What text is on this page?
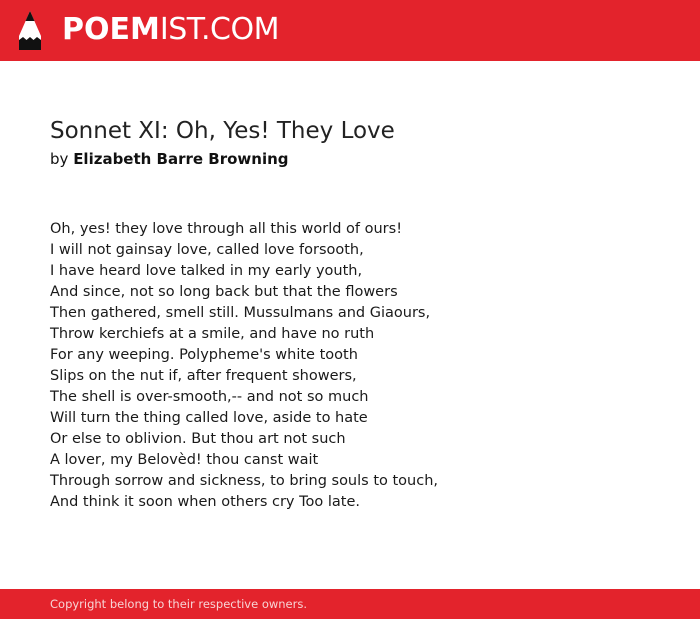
POEMIST.COM
Sonnet XI: Oh, Yes! They Love
by Elizabeth Barre Browning
Oh, yes! they love through all this world of ours!
I will not gainsay love, called love forsooth,
I have heard love talked in my early youth,
And since, not so long back but that the flowers
Then gathered, smell still. Mussulmans and Giaours,
Throw kerchiefs at a smile, and have no ruth
For any weeping. Polypheme's white tooth
Slips on the nut if, after frequent showers,
The shell is over-smooth,-- and not so much
Will turn the thing called love, aside to hate
Or else to oblivion. But thou art not such
A lover, my Belovèd! thou canst wait
Through sorrow and sickness, to bring souls to touch,
And think it soon when others cry Too late.
Copyright belong to their respective owners.
